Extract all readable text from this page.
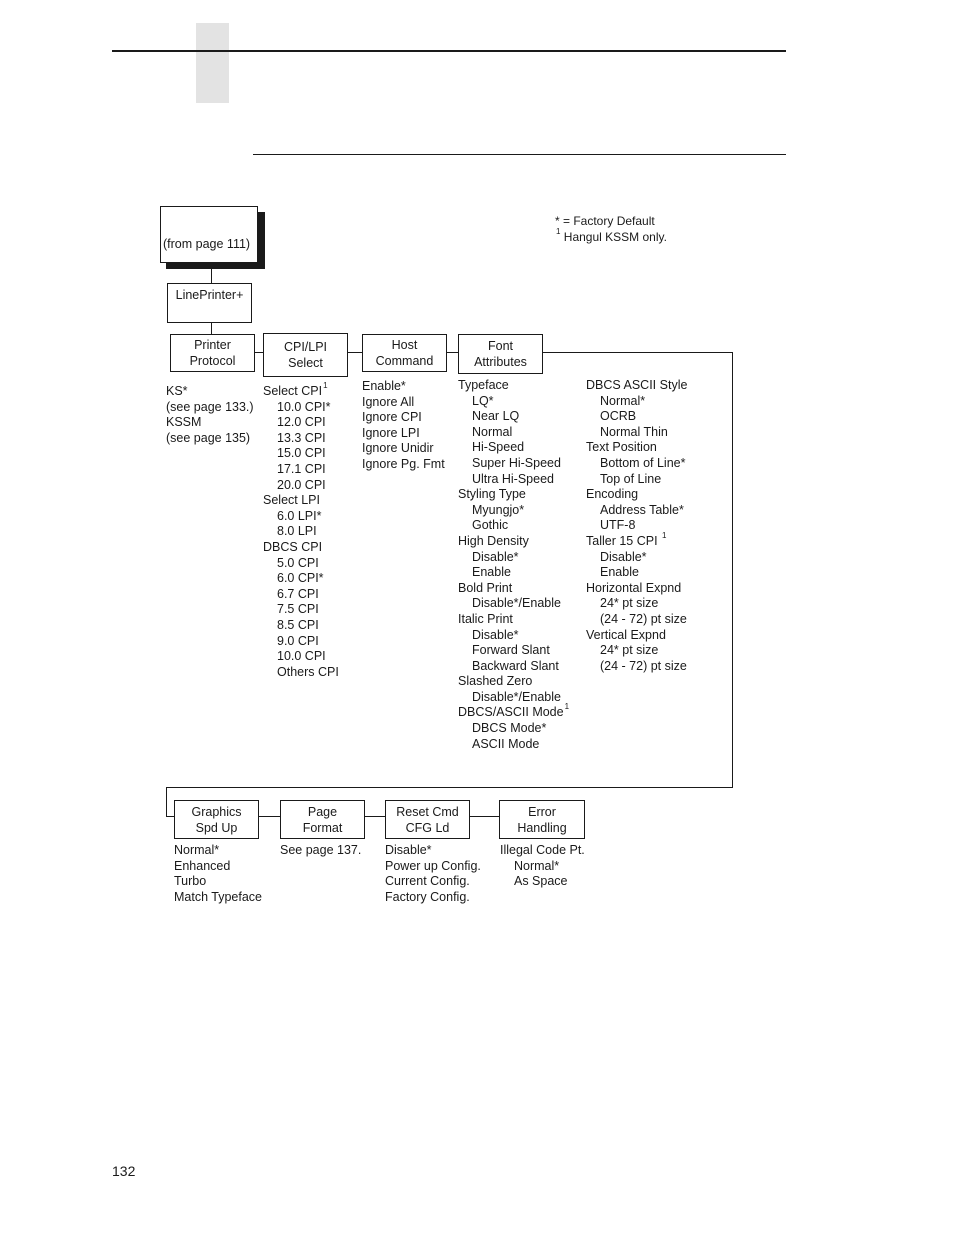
* = Factory Default
$^1$ Hangul KSSM only.
(from page 111)
LinePrinter+
Printer
Protocol
CPI/LPI
Select
Host
Command
Font
Attributes
Graphics
Spd Up
Page
Format
Reset Cmd
CFG Ld
Error
Handling
KS*
(see page 133.)
KSSM
(see page 135)
Select CPI$^1$
10.0 CPI*
12.0 CPI
13.3 CPI
15.0 CPI
17.1 CPI
20.0 CPI
Select LPI
6.0 LPI*
8.0 LPI
DBCS CPI
5.0 CPI
6.0 CPI*
6.7 CPI
7.5 CPI
8.5 CPI
9.0 CPI
10.0 CPI
Others CPI
Enable*
Ignore All
Ignore CPI
Ignore LPI
Ignore Unidir
Ignore Pg. Fmt
Typeface
LQ*
Near LQ
Normal
Hi-Speed
Super Hi-Speed
Ultra Hi-Speed
Styling Type
Myungjo*
Gothic
High Density
Disable*
Enable
Bold Print
Disable*/Enable
Italic Print
Disable*
Forward Slant
Backward Slant
Slashed Zero
Disable*/Enable
DBCS/ASCII Mode$^1$
DBCS Mode*
ASCII Mode
DBCS ASCII Style
Normal*
OCRB
Normal Thin
Text Position
Bottom of Line*
Top of Line
Encoding
Address Table*
UTF-8
Taller 15 CPI $^1$
Disable*
Enable
Horizontal Expnd
24* pt size
(24 - 72) pt size
Vertical Expnd
24* pt size
(24 - 72) pt size
Normal*
Enhanced
Turbo
Match Typeface
See page 137. Disable*
Power up Config.
Current Config.
Factory Config.
Illegal Code Pt.
Normal*
As Space
132
